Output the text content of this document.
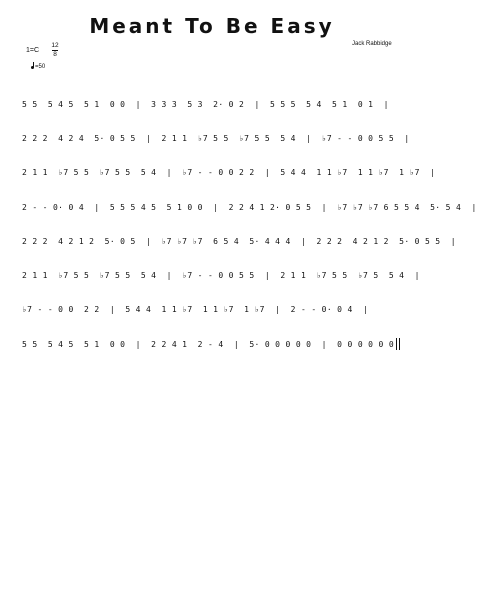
Meant To Be Easy
Jack Rabbidge
1=C
12
8
=50
5 5  5 4 5  5 1  0 0  |  3 3 3  5 3  2· 0 2  |  5 5 5  5 4  5 1  0 1  |
2 2 2  4 2 4  5· 0 5 5  |  2 1 1  ♭7 5 5  ♭7 5 5  5 4  |  ♭7 - - 0 0 5 5  |
2 1 1  ♭7 5 5  ♭7 5 5  5 4  |  ♭7 - - 0 0 2 2  |  5 4 4  1 1 ♭7  1 1 ♭7  1 ♭7  |
2 - - 0· 0 4  |  5 5 5 4 5  5 1 0 0  |  2 2 4 1 2· 0 5 5  |  ♭7 ♭7 ♭7 6 5 5 4  5· 5 4  |
2 2 2  4 2 1 2  5· 0 5  |  ♭7 ♭7 ♭7  6 5 4  5· 4 4 4  |  2 2 2  4 2 1 2  5· 0 5 5  |
2 1 1  ♭7 5 5  ♭7 5 5  5 4  |  ♭7 - - 0 0 5 5  |  2 1 1  ♭7 5 5  ♭7 5  5 4  |
♭7 - - 0 0  2 2  |  5 4 4  1 1 ♭7  1 1 ♭7  1 ♭7  |  2 - - 0· 0 4  |
5 5  5 4 5  5 1  0 0  |  2 2 4 1  2 - 4  |  5· 0 0 0 0 0  |  0 0 0 0 0 0
